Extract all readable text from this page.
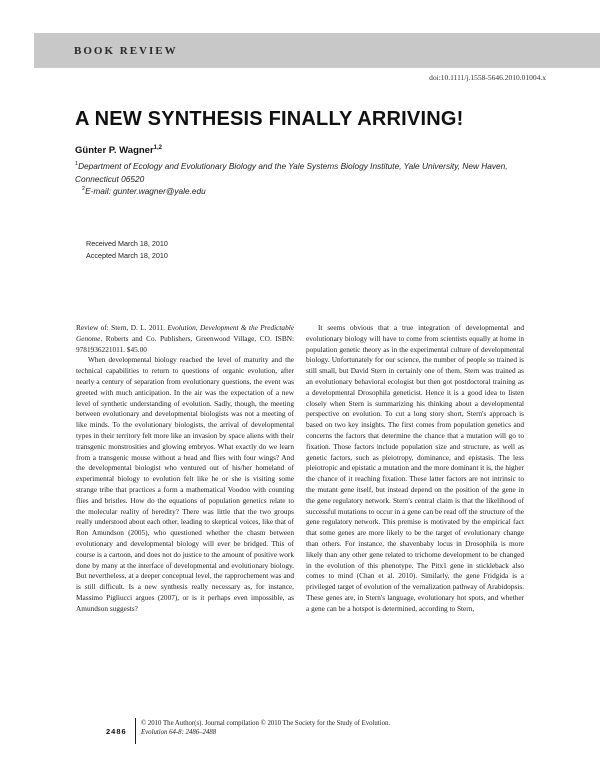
BOOK REVIEW
doi:10.1111/j.1558-5646.2010.01004.x
A NEW SYNTHESIS FINALLY ARRIVING!
Günter P. Wagner$^{1,2}$
$^1$Department of Ecology and Evolutionary Biology and the Yale Systems Biology Institute, Yale University, New Haven, Connecticut 06520
$^2$E-mail: gunter.wagner@yale.edu
Received March 18, 2010
Accepted March 18, 2010

Review of: Stern, D. L. 2011. Evolution, Development & the Predictable Genome. Roberts and Co. Publishers, Greenwood Village, CO. ISBN: 9781936221011. $45.00

When developmental biology reached the level of maturity and the technical capabilities to return to questions of organic evolution, after nearly a century of separation from evolutionary questions, the event was greeted with much anticipation. In the air was the expectation of a new level of synthetic understanding of evolution. Sadly, though, the meeting between evolutionary and developmental biologists was not a meeting of like minds. To the evolutionary biologists, the arrival of developmental types in their territory felt more like an invasion by space aliens with their transgenic monstrosities and glowing embryos. What exactly do we learn from a transgenic mouse without a head and flies with four wings? And the developmental biologist who ventured out of his/her homeland of experimental biology to evolution felt like he or she is visiting some strange tribe that practices a form a mathematical Voodoo with counting flies and bristles. How do the equations of population genetics relate to the molecular reality of heredity? There was little that the two groups really understood about each other, leading to skeptical voices, like that of Ron Amundson (2005), who questioned whether the chasm between evolutionary and developmental biology will ever be bridged. This of course is a cartoon, and does not do justice to the amount of positive work done by many at the interface of developmental and evolutionary biology. But nevertheless, at a deeper conceptual level, the rapprochement was and is still difficult. Is a new synthesis really necessary as, for instance, Massimo Pigliucci argues (2007), or is it perhaps even impossible, as Amundson suggests?

It seems obvious that a true integration of developmental and evolutionary biology will have to come from scientists equally at home in population genetic theory as in the experimental culture of developmental biology. Unfortunately for our science, the number of people so trained is still small, but David Stern in certainly one of them. Stern was trained as an evolutionary behavioral ecologist but then got postdoctoral training as a developmental Drosophila geneticist. Hence it is a good idea to listen closely when Stern is summarizing his thinking about a developmental perspective on evolution. To cut a long story short, Stern's approach is based on two key insights. The first comes from population genetics and concerns the factors that determine the chance that a mutation will go to fixation. Those factors include population size and structure, as well as genetic factors, such as pleiotropy, dominance, and epistasis. The less pleiotropic and epistatic a mutation and the more dominant it is, the higher the chance of it reaching fixation. These latter factors are not intrinsic to the mutant gene itself, but instead depend on the position of the gene in the gene regulatory network. Stern's central claim is that the likelihood of successful mutations to occur in a gene can be read off the structure of the gene regulatory network. This premise is motivated by the empirical fact that some genes are more likely to be the target of evolutionary change than others. For instance, the shavenbaby locus in Drosophila is more likely than any other gene related to trichome development to be changed in the evolution of this phenotype. The Pitx1 gene in stickleback also comes to mind (Chan et al. 2010). Similarly, the gene Fridgida is a privileged target of evolution of the vernalization pathway of Arabidopsis. These genes are, in Stern's language, evolutionary hot spots, and whether a gene can be a hotspot is determined, according to Stern,

2486
© 2010 The Author(s). Journal compilation © 2010 The Society for the Study of Evolution.
Evolution 64-8: 2486–2488
